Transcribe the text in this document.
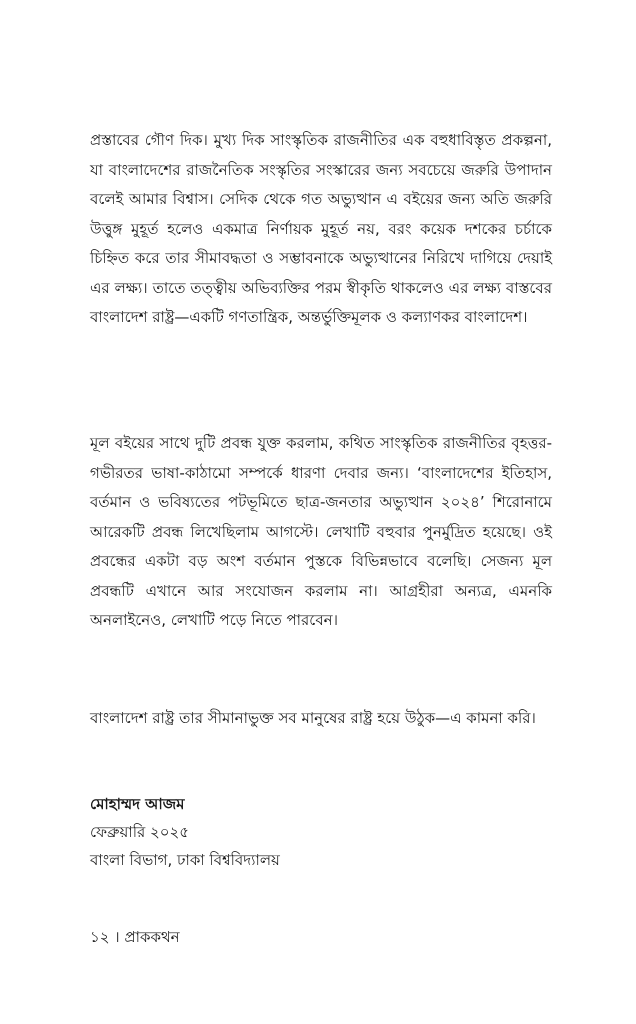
প্রস্তাবের গৌণ দিক। মুখ্য দিক সাংস্কৃতিক রাজনীতির এক বহুধাবিস্তৃত প্রকল্পনা, যা বাংলাদেশের রাজনৈতিক সংস্কৃতির সংস্কারের জন্য সবচেয়ে জরুরি উপাদান বলেই আমার বিশ্বাস। সেদিক থেকে গত অভ্যুত্থান এ বইয়ের জন্য অতি জরুরি উত্তুঙ্গ মুহূর্ত হলেও একমাত্র নির্ণায়ক মুহূর্ত নয়, বরং কয়েক দশকের চর্চাকে চিহ্নিত করে তার সীমাবদ্ধতা ও সম্ভাবনাকে অভ্যুত্থানের নিরিখে দাগিয়ে দেয়াই এর লক্ষ্য। তাতে তত্ত্বীয় অভিব্যক্তির পরম স্বীকৃতি থাকলেও এর লক্ষ্য বাস্তবের বাংলাদেশ রাষ্ট্র—একটি গণতান্ত্রিক, অন্তর্ভুক্তিমূলক ও কল্যাণকর বাংলাদেশ।

মূল বইয়ের সাথে দুটি প্রবন্ধ যুক্ত করলাম, কথিত সাংস্কৃতিক রাজনীতির বৃহত্তর-গভীরতর ভাষা-কাঠামো সম্পর্কে ধারণা দেবার জন্য। ‘বাংলাদেশের ইতিহাস, বর্তমান ও ভবিষ্যতের পটভূমিতে ছাত্র-জনতার অভ্যুত্থান ২০২৪’ শিরোনামে আরেকটি প্রবন্ধ লিখেছিলাম আগস্টে। লেখাটি বহুবার পুনর্মুদ্রিত হয়েছে। ওই প্রবন্ধের একটা বড় অংশ বর্তমান পুস্তকে বিভিন্নভাবে বলেছি। সেজন্য মূল প্রবন্ধটি এখানে আর সংযোজন করলাম না। আগ্রহীরা অন্যত্র, এমনকি অনলাইনেও, লেখাটি পড়ে নিতে পারবেন।

বাংলাদেশ রাষ্ট্র তার সীমানাভুক্ত সব মানুষের রাষ্ট্র হয়ে উঠুক—এ কামনা করি।

মোহাম্মদ আজম
ফেব্রুয়ারি ২০২৫
বাংলা বিভাগ, ঢাকা বিশ্ববিদ্যালয়
১২ । প্রাককথন
